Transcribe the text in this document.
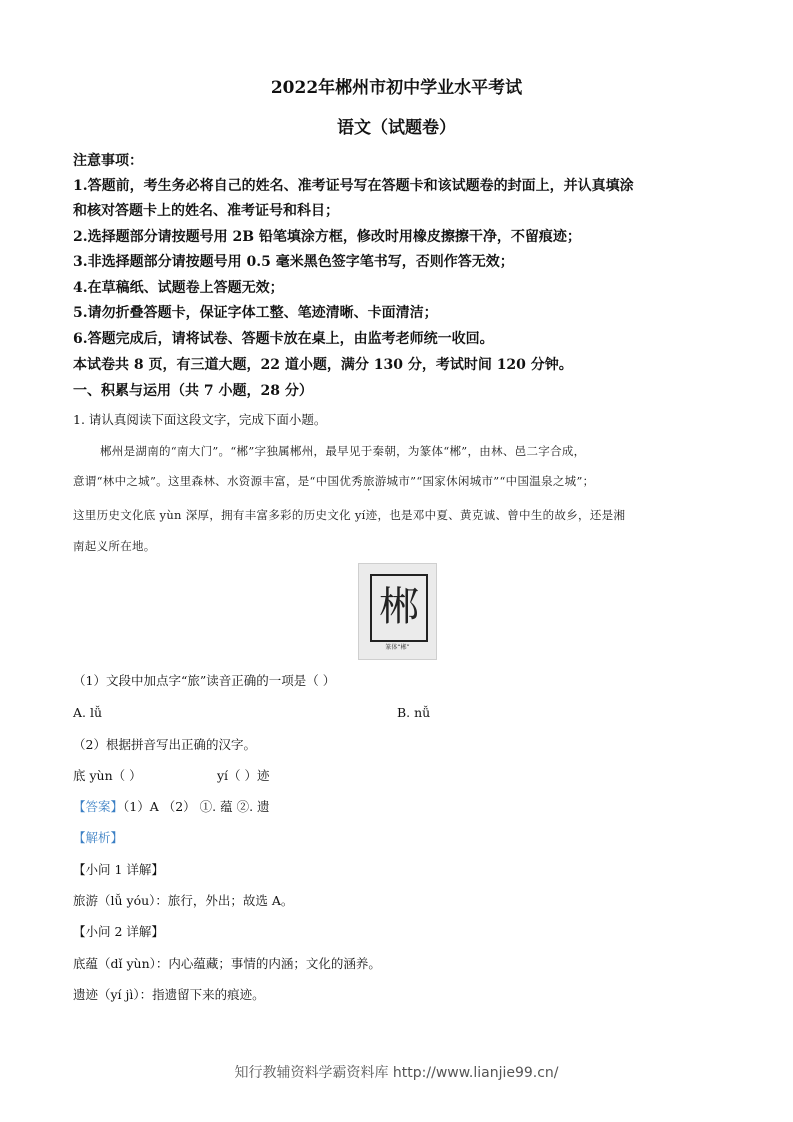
2022年郴州市初中学业水平考试
语文（试题卷）
注意事项：
1.答题前，考生务必将自己的姓名、准考证号写在答题卡和该试题卷的封面上，并认真填涂
和核对答题卡上的姓名、准考证号和科目；
2.选择题部分请按题号用 2B 铅笔填涂方框，修改时用橡皮擦擦干净，不留痕迹；
3.非选择题部分请按题号用 0.5 毫米黑色签字笔书写，否则作答无效；
4.在草稿纸、试题卷上答题无效；
5.请勿折叠答题卡，保证字体工整、笔迹清晰、卡面清洁；
6.答题完成后，请将试卷、答题卡放在桌上，由监考老师统一收回。
本试卷共 8 页，有三道大题，22 道小题，满分 130 分，考试时间 120 分钟。
一、积累与运用（共 7 小题，28 分）
1. 请认真阅读下面这段文字，完成下面小题。
郴州是湖南的“南大门”。“郴”字独属郴州，最早见于秦朝，为篆体“郴”，由林、邑二字合成，
意谓“林中之城”。这里森林、水资源丰富，是“中国优秀旅游城市”“国家休闲城市”“中国温泉之城”；
这里历史文化底 yùn 深厚，拥有丰富多彩的历史文化 yí迹，也是邓中夏、黄克诚、曾中生的故乡，还是湘
南起义所在地。
郴
篆体“郴”
（1）文段中加点字“旅”读音正确的一项是（ ）
A. lǚ	B. nǚ
（2）根据拼音写出正确的汉字。
底 yùn（ ）	yí（ ）迹
【答案】（1）A （2） ①. 蕴 ②. 遗
【解析】
【小问 1 详解】
旅游（lǚ yóu）：旅行，外出；故选 A。
【小问 2 详解】
底蕴（dǐ yùn）：内心蕴藏；事情的内涵；文化的涵养。
遗迹（yí jì）：指遗留下来的痕迹。
知行教辅资料学霸资料库 http://www.lianjie99.cn/
